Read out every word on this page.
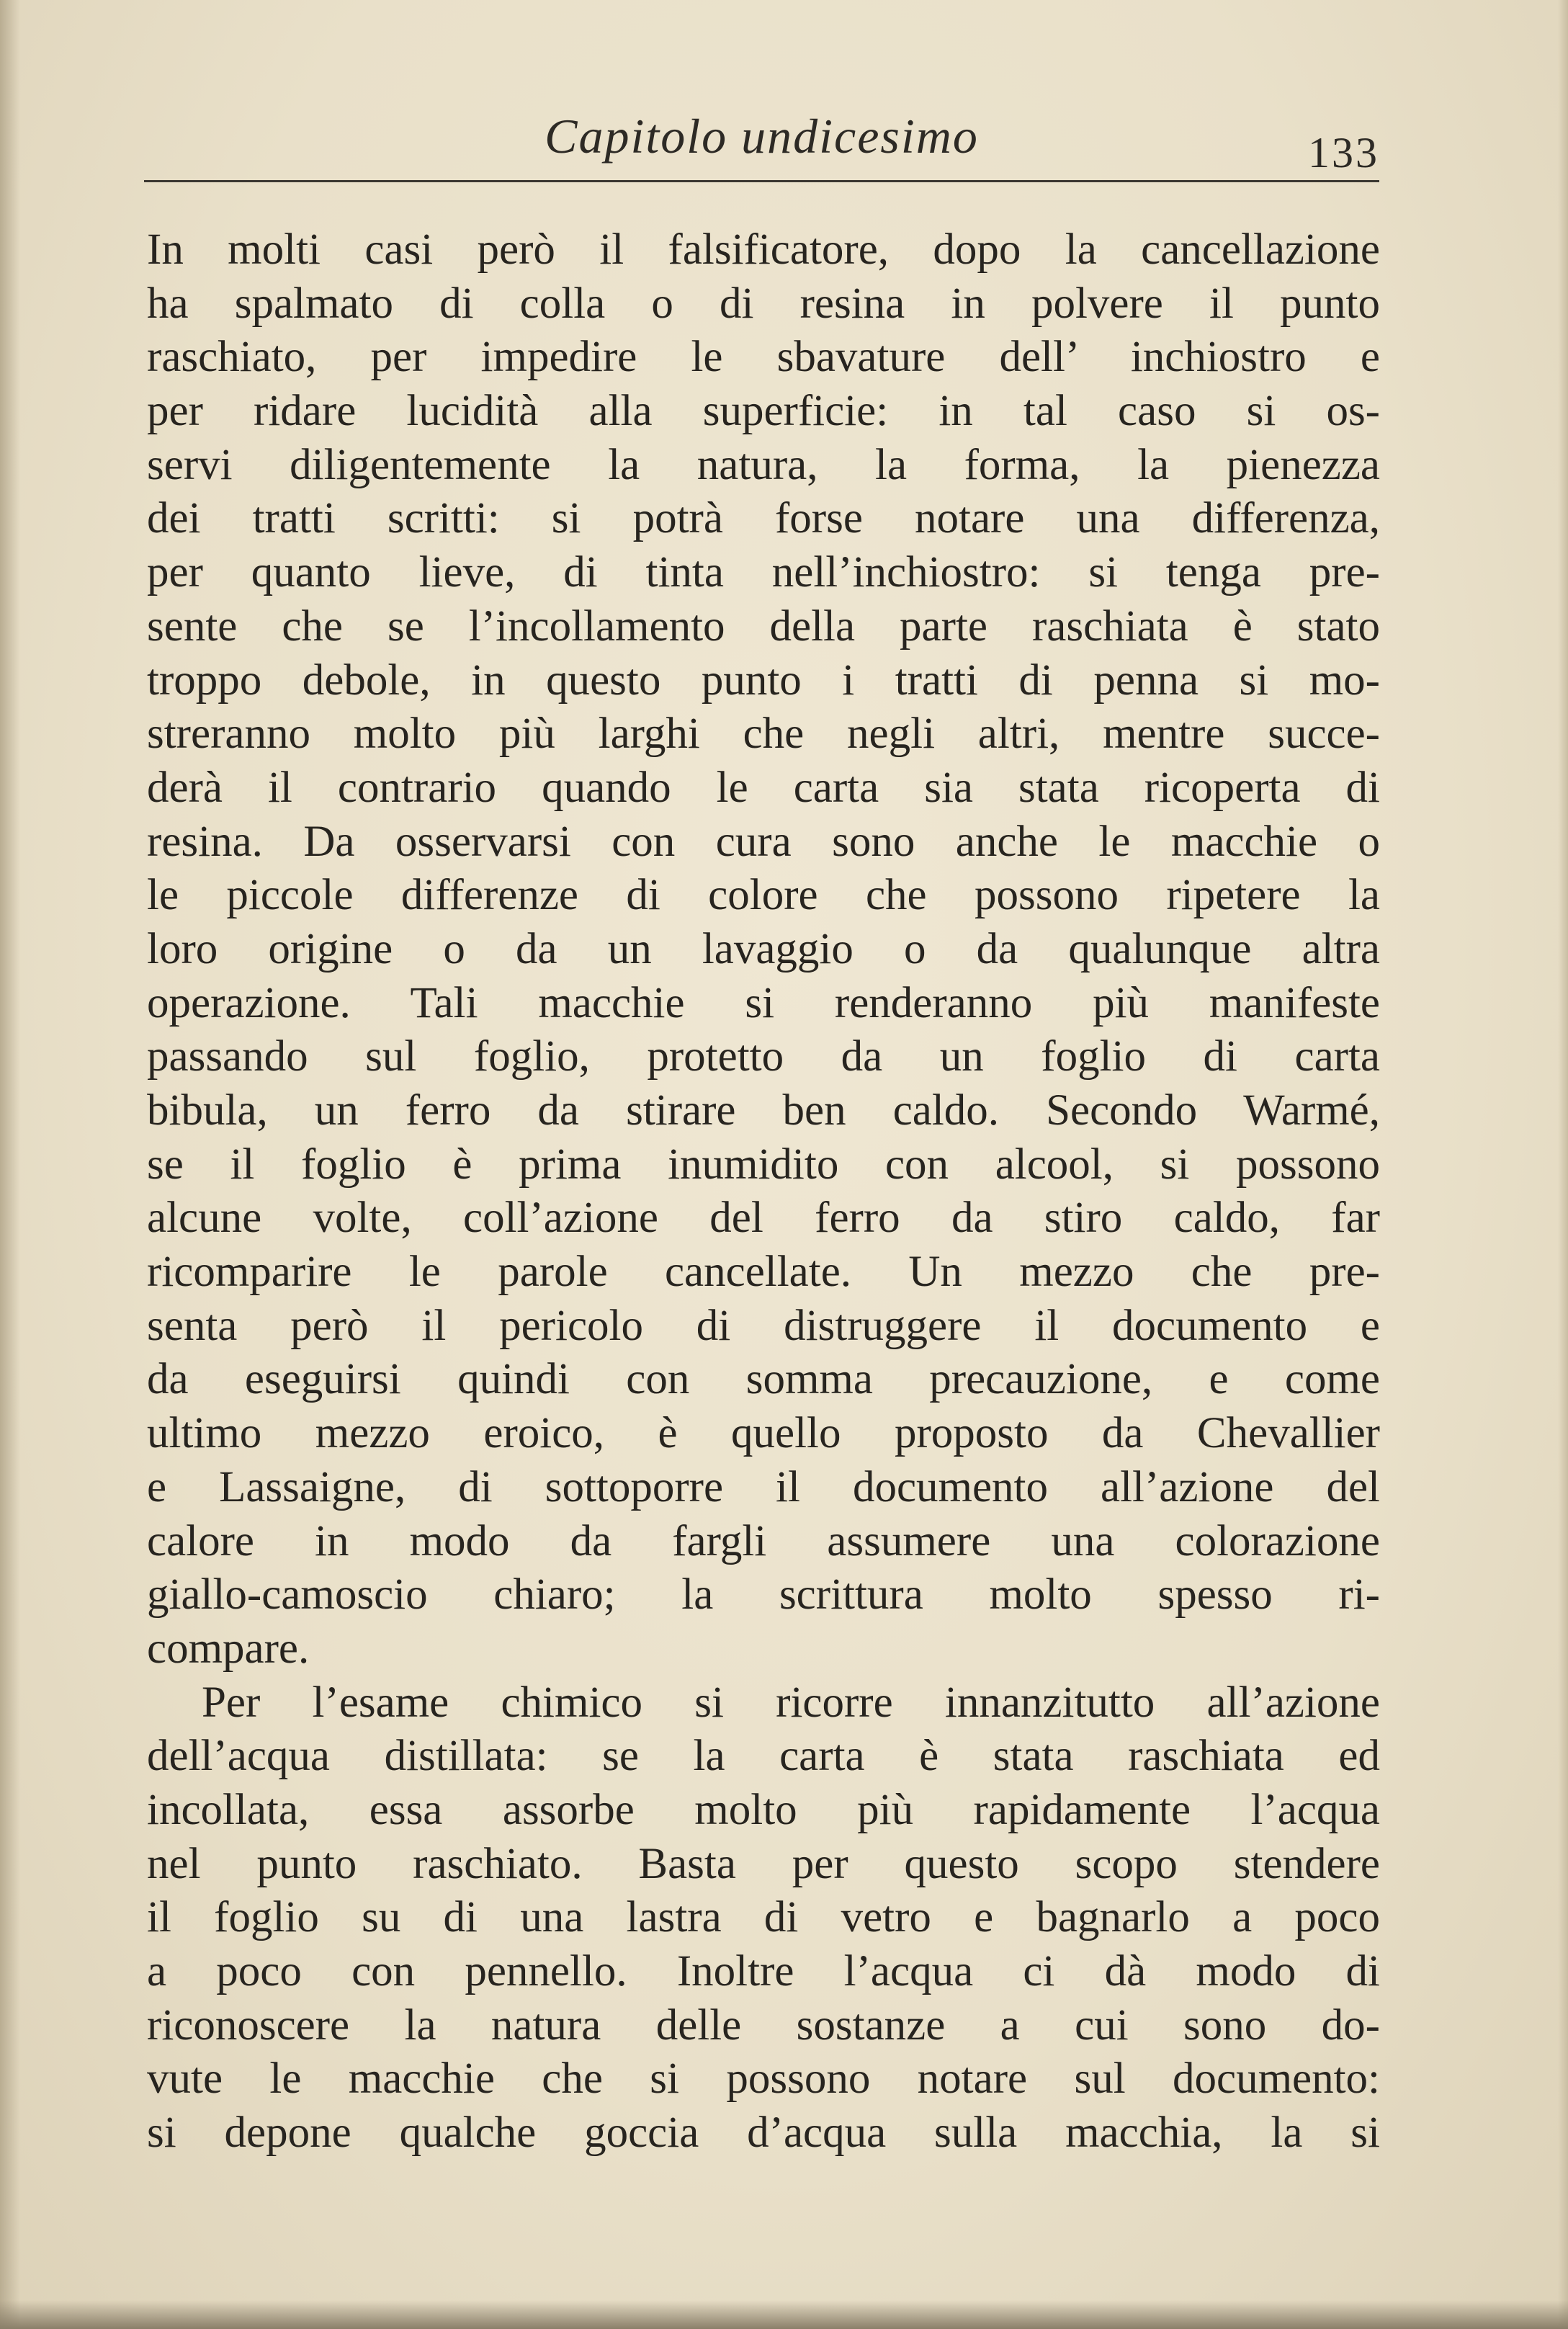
Capitolo undicesimo	133
In molti casi però il falsificatore, dopo la cancellazione
ha spalmato di colla o di resina in polvere il punto
raschiato, per impedire le sbavature dell’ inchiostro e
per ridare lucidità alla superficie: in tal caso si os-
servi diligentemente la natura, la forma, la pienezza
dei tratti scritti: si potrà forse notare una differenza,
per quanto lieve, di tinta nell’inchiostro: si tenga pre-
sente che se l’incollamento della parte raschiata è stato
troppo debole, in questo punto i tratti di penna si mo-
streranno molto più larghi che negli altri, mentre succe-
derà il contrario quando le carta sia stata ricoperta di
resina. Da osservarsi con cura sono anche le macchie o
le piccole differenze di colore che possono ripetere la
loro origine o da un lavaggio o da qualunque altra
operazione. Tali macchie si renderanno più manifeste
passando sul foglio, protetto da un foglio di carta
bibula, un ferro da stirare ben caldo. Secondo Warmé,
se il foglio è prima inumidito con alcool, si possono
alcune volte, coll’azione del ferro da stiro caldo, far
ricomparire le parole cancellate. Un mezzo che pre-
senta però il pericolo di distruggere il documento e
da eseguirsi quindi con somma precauzione, e come
ultimo mezzo eroico, è quello proposto da Chevallier
e Lassaigne, di sottoporre il documento all’azione del
calore in modo da fargli assumere una colorazione
giallo-camoscio chiaro; la scrittura molto spesso ri-
compare.
Per l’esame chimico si ricorre innanzitutto all’azione
dell’acqua distillata: se la carta è stata raschiata ed
incollata, essa assorbe molto più rapidamente l’acqua
nel punto raschiato. Basta per questo scopo stendere
il foglio su di una lastra di vetro e bagnarlo a poco
a poco con pennello. Inoltre l’acqua ci dà modo di
riconoscere la natura delle sostanze a cui sono do-
vute le macchie che si possono notare sul documento:
si depone qualche goccia d’acqua sulla macchia, la si
